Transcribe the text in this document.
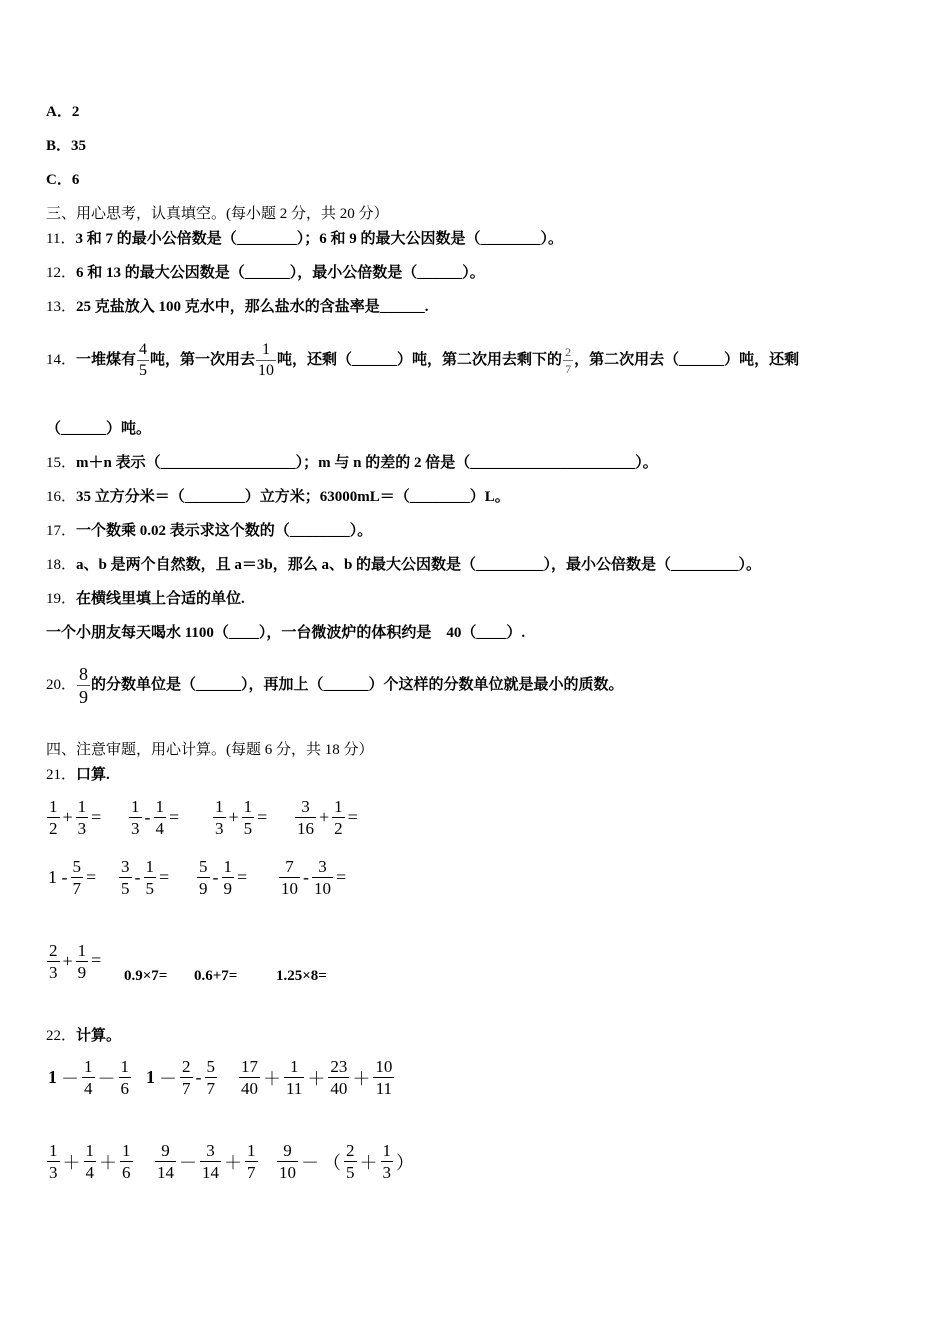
A．2
B．35
C．6
三、用心思考，认真填空。(每小题 2 分，共 20 分）
11．3 和 7 的最小公倍数是（________）；6 和 9 的最大公因数是（________）。
12．6 和 13 的最大公因数是（______），最小公倍数是（______）。
13．25 克盐放入 100 克水中，那么盐水的含盐率是______.
14．一堆煤有 $\frac{4}{5}$ 吨，第一次用去 $\frac{1}{10}$ 吨，还剩（______）吨，第二次用去剩下的 $\frac{2}{7}$ ，第二次用去（______）吨，还剩
（______）吨。
15．m＋n 表示（__________________）；m 与 n 的差的 2 倍是（______________________）。
16．35 立方分米＝（________）立方米；63000mL＝（________）L。
17．一个数乘 0.02 表示求这个数的（________）。
18．a、b 是两个自然数，且 a＝3b，那么 a、b 的最大公因数是（_________），最小公倍数是（_________）。
19．在横线里填上合适的单位.
一个小朋友每天喝水 1100（____），一台微波炉的体积约是　40（____）.
20． $\frac{8}{9}$ 的分数单位是（______），再加上（______）个这样的分数单位就是最小的质数。
四、注意审题，用心计算。(每题 6 分，共 18 分）
21．口算.
$\frac{1}{2} + \frac{1}{3} = \frac{1}{3} - \frac{1}{4} = \frac{1}{3} + \frac{1}{5} = \frac{3}{16} + \frac{1}{2}$ =
$1 - \frac{5}{7} = \frac{3}{5} - \frac{1}{5} = \frac{5}{9} - \frac{1}{9} = \frac{7}{10} - \frac{3}{10}$ =
$\frac{2}{3} + \frac{1}{9}$ =
0.9×7= 0.6+7=	1.25×8=
22．计算。
$1 - \frac{1}{4} - \frac{1}{6} 1 - \frac{2}{7} - \frac{5}{7} \frac{17}{40} + \frac{1}{11} + \frac{23}{40} + \frac{10}{11}$
$\frac{1}{3} + \frac{1}{4} + \frac{1}{6} \frac{9}{14} - \frac{3}{14} + \frac{1}{7} \frac{9}{10}$ － （ $\frac{2}{5} + \frac{1}{3}$ ）
